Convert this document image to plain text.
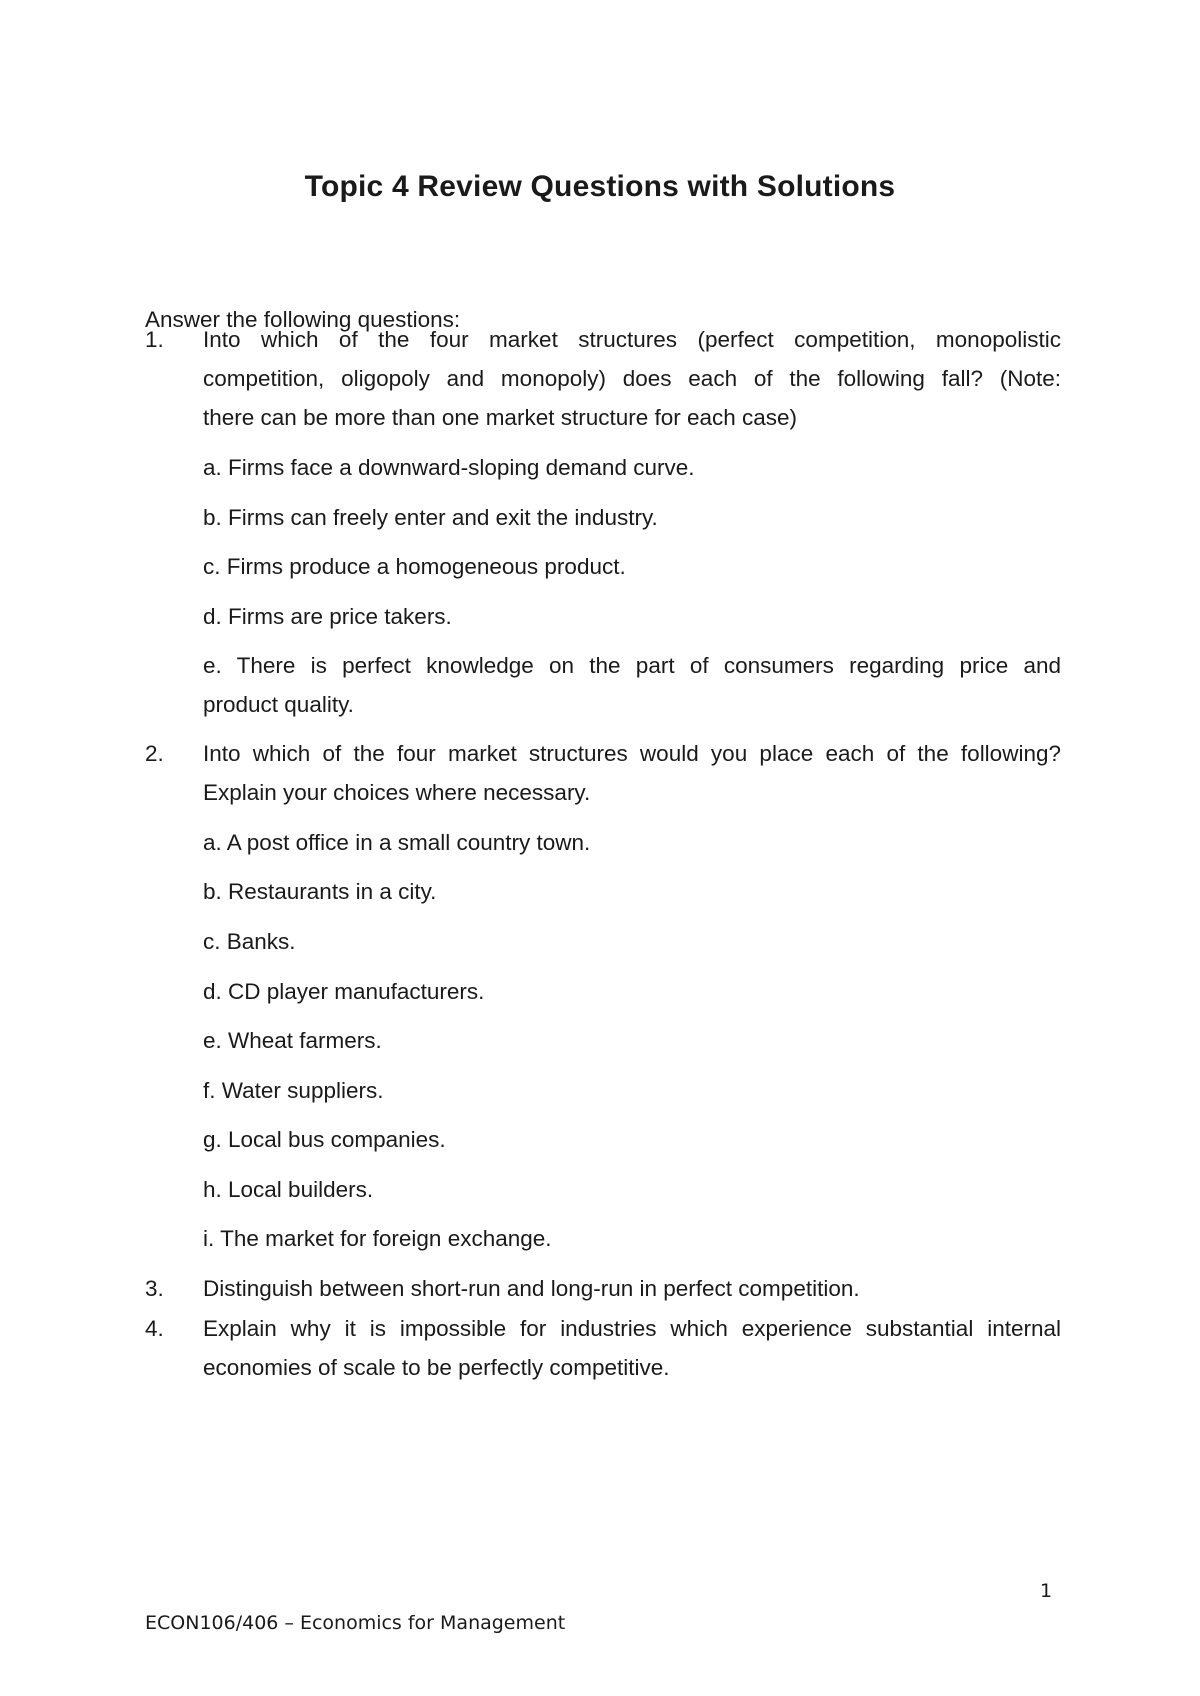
Topic 4 Review Questions with Solutions
Answer the following questions:
1. Into which of the four market structures (perfect competition, monopolistic
competition, oligopoly and monopoly) does each of the following fall? (Note:
there can be more than one market structure for each case)
a. Firms face a downward-sloping demand curve.
b. Firms can freely enter and exit the industry.
c. Firms produce a homogeneous product.
d. Firms are price takers.
e. There is perfect knowledge on the part of consumers regarding price and
product quality.
2. Into which of the four market structures would you place each of the following?
Explain your choices where necessary.
a. A post office in a small country town.
b. Restaurants in a city.
c. Banks.
d. CD player manufacturers.
e. Wheat farmers.
f. Water suppliers.
g. Local bus companies.
h. Local builders.
i. The market for foreign exchange.
3. Distinguish between short-run and long-run in perfect competition.
4. Explain why it is impossible for industries which experience substantial internal
economies of scale to be perfectly competitive.
1
ECON106/406 – Economics for Management
